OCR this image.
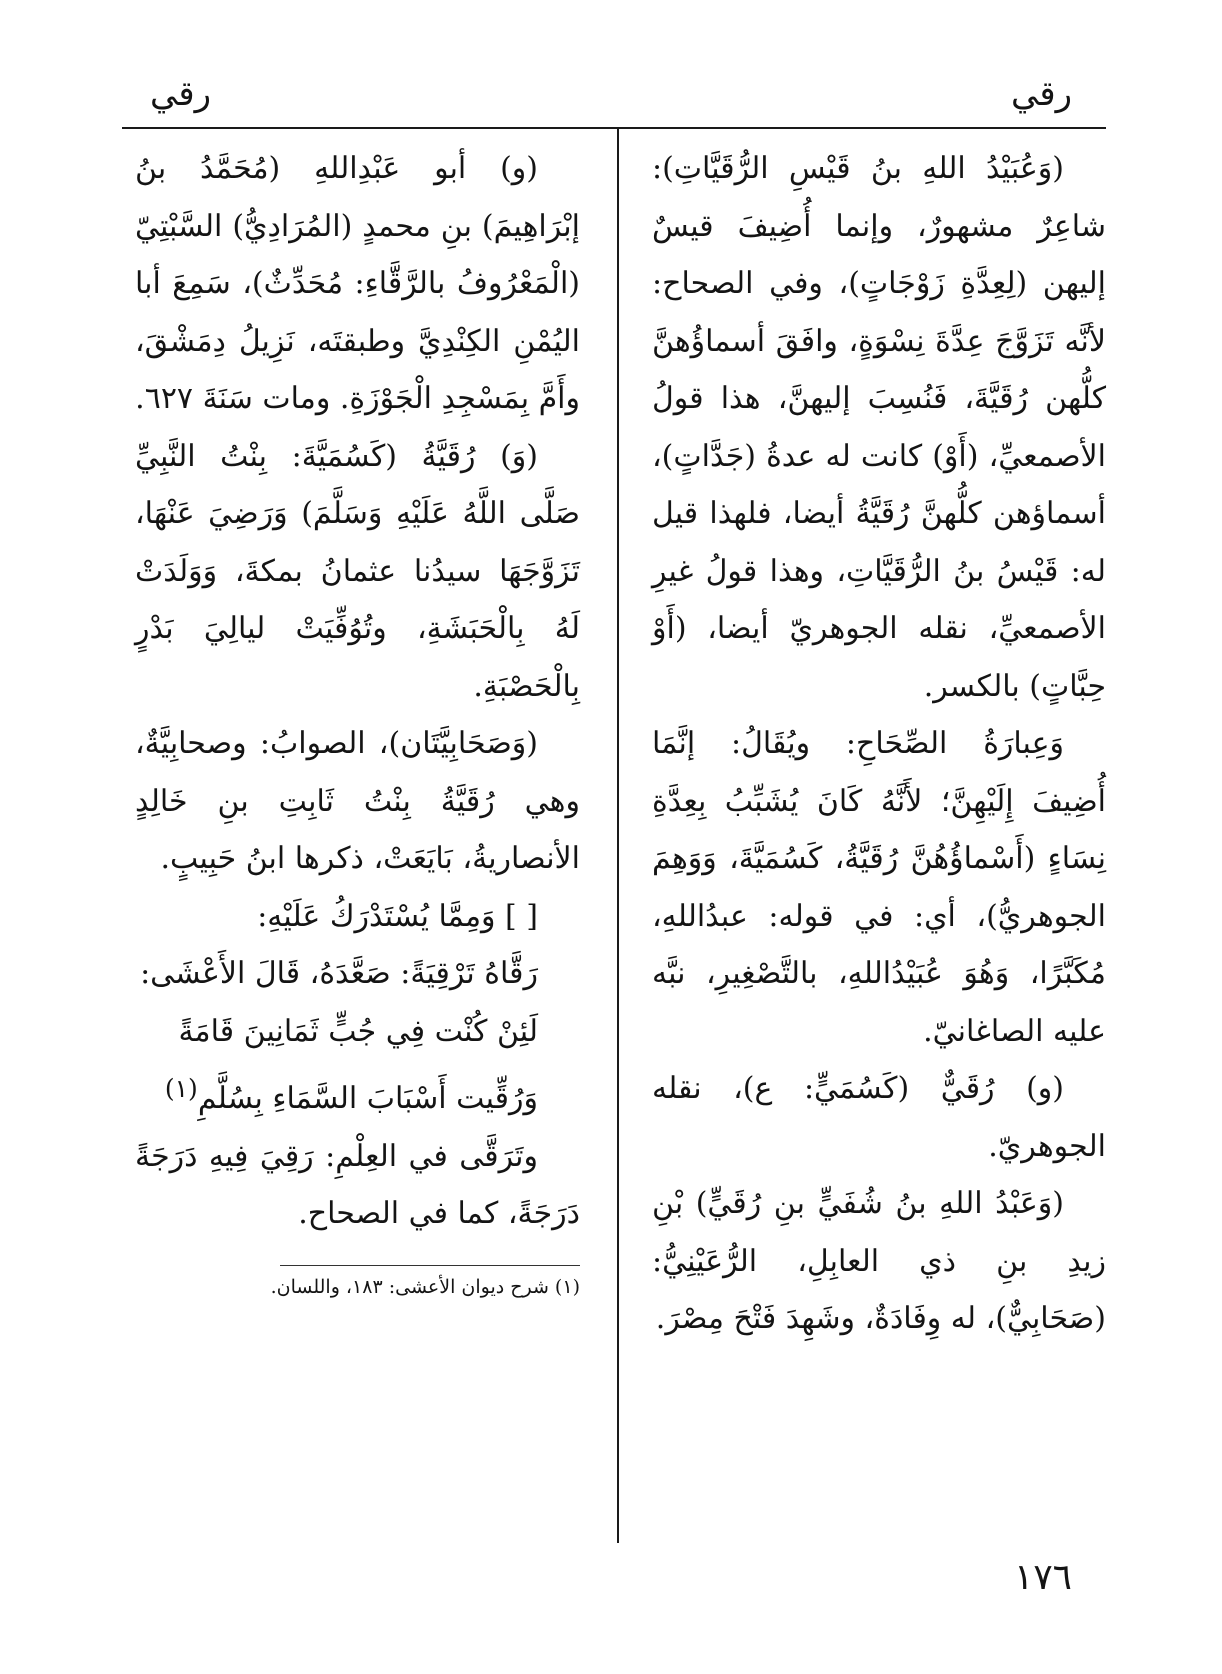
رقي
رقي

(وَعُبَيْدُ اللهِ بنُ قَيْسِ الرُّقَيَّاتِ): شاعِرٌ مشهورٌ، وإنما أُضِيفَ قيسٌ إليهن (لِعِدَّةِ زَوْجَاتٍ)، وفي الصحاح: لأنَّه تَزَوَّجَ عِدَّةَ نِسْوَةٍ، وافَقَ أسماؤُهنَّ كلُّهن رُقَيَّةَ، فَنُسِبَ إليهنَّ، هذا قولُ الأصمعيِّ، (أَوْ) كانت له عدةُ (جَدَّاتٍ)، أسماؤهن كلُّهنَّ رُقَيَّةُ أيضا، فلهذا قيل له: قَيْسُ بنُ الرُّقَيَّاتِ، وهذا قولُ غيرِ الأصمعيِّ، نقله الجوهريّ أيضا، (أَوْ حِبَّاتٍ) بالكسر.

وَعِبارَةُ الصِّحَاحِ: ويُقَالُ: إنَّمَا أُضِيفَ إِلَيْهِنَّ؛ لأَنَّهُ كَانَ يُشَبِّبُ بِعِدَّةِ نِسَاءٍ (أَسْماؤُهُنَّ رُقَيَّةُ، كَسُمَيَّةَ، وَوَهِمَ الجوهريُّ)، أي: في قوله: عبدُاللهِ، مُكَبَّرًا، وَهُوَ عُبَيْدُاللهِ، بالتَّصْغِيرِ، نبَّه عليه الصاغانيّ.

(و) رُقَيٌّ (كَسُمَيٍّ: ع)، نقله الجوهريّ.

(وَعَبْدُ اللهِ بنُ شُفَيٍّ بنِ رُقَيٍّ) بْنِ زيدِ بنِ ذي العابِلِ، الرُّعَيْنِيُّ: (صَحَابِيٌّ)، له وِفَادَةٌ، وشَهِدَ فَتْحَ مِصْرَ.

(و) أبو عَبْدِاللهِ (مُحَمَّدُ بنُ إبْرَاهِيمَ) بنِ محمدٍ (المُرَادِيُّ) السَّبْتِيّ (الْمَعْرُوفُ بالرَّقَّاءِ: مُحَدِّثٌ)، سَمِعَ أبا اليُمْنِ الكِنْدِيَّ وطبقتَه، نَزِيلُ دِمَشْقَ، وأَمَّ بِمَسْجِدِ الْجَوْزَةِ. ومات سَنَةَ ٦٢٧.

(وَ) رُقَيَّةُ (كَسُمَيَّةَ: بِنْتُ النَّبِيِّ صَلَّى اللَّهُ عَلَيْهِ وَسَلَّمَ) وَرَضِيَ عَنْهَا، تَزَوَّجَهَا سيدُنا عثمانُ بمكةَ، وَوَلَدَتْ لَهُ بِالْحَبَشَةِ، وتُوُفِّيَتْ ليالِيَ بَدْرٍ بِالْحَصْبَةِ.

(وَصَحَابِيَّتَان)، الصوابُ: وصحابِيَّةٌ، وهي رُقَيَّةُ بِنْتُ ثَابِتِ بنِ خَالِدٍ الأنصاريةُ، بَايَعَتْ، ذكرها ابنُ حَبِيبٍ.

[ ] وَمِمَّا يُسْتَدْرَكُ عَلَيْهِ:

رَقَّاهُ تَرْقِيَةً: صَعَّدَهُ، قَالَ الأَعْشَى:

لَئِنْ كُنْت فِي جُبٍّ ثَمَانِينَ قَامَةً

وَرُقِّيت أَسْبَابَ السَّمَاءِ بِسُلَّمِ$^{(١)}$

وتَرَقَّى في العِلْمِ: رَقِيَ فِيهِ دَرَجَةً دَرَجَةً، كما في الصحاح.

(١) شرح ديوان الأعشى: ١٨٣، واللسان.

١٧٦
